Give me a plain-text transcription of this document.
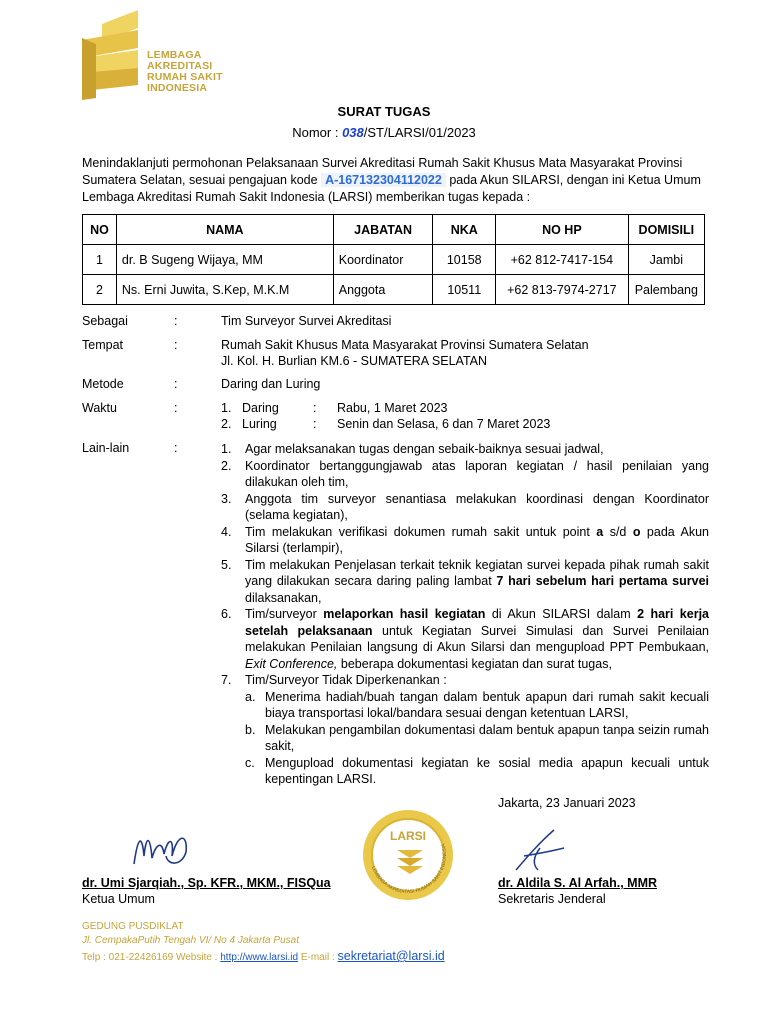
LEMBAGA
AKREDITASI
RUMAH SAKIT
INDONESIA
SURAT TUGAS
Nomor : 038/ST/LARSI/01/2023
Menindaklanjuti permohonan Pelaksanaan Survei Akreditasi Rumah Sakit Khusus Mata Masyarakat Provinsi Sumatera Selatan, sesuai pengajuan kode A-167132304112022 pada Akun SILARSI, dengan ini Ketua Umum Lembaga Akreditasi Rumah Sakit Indonesia (LARSI) memberikan tugas kepada :
NO	NAMA	JABATAN	NKA	NO HP	DOMISILI
1	dr. B Sugeng Wijaya, MM	Koordinator	10158	+62 812-7417-154	Jambi
2	Ns. Erni Juwita, S.Kep, M.K.M	Anggota	10511	+62 813-7974-2717	Palembang
Sebagai	:	Tim Surveyor Survei Akreditasi
Tempat	:	Rumah Sakit Khusus Mata Masyarakat Provinsi Sumatera Selatan
Jl. Kol. H. Burlian KM.6 - SUMATERA SELATAN
Metode	:	Daring dan Luring
Waktu	:	1. Daring	: Rabu, 1 Maret 2023
2. Luring	: Senin dan Selasa, 6 dan 7 Maret 2023
Lain-lain	:	1.	Agar melaksanakan tugas dengan sebaik-baiknya sesuai jadwal,
2.	Koordinator bertanggungjawab atas laporan kegiatan / hasil penilaian yang dilakukan oleh tim,
3.	Anggota tim surveyor senantiasa melakukan koordinasi dengan Koordinator (selama kegiatan),
4.	Tim melakukan verifikasi dokumen rumah sakit untuk point a s/d o pada Akun Silarsi (terlampir),
5.	Tim melakukan Penjelasan terkait teknik kegiatan survei kepada pihak rumah sakit yang dilakukan secara daring paling lambat 7 hari sebelum hari pertama survei dilaksanakan,
6.	Tim/surveyor melaporkan hasil kegiatan di Akun SILARSI dalam 2 hari kerja setelah pelaksanaan untuk Kegiatan Survei Simulasi dan Survei Penilaian melakukan Penilaian langsung di Akun Silarsi dan mengupload PPT Pembukaan, Exit Conference, beberapa dokumentasi kegiatan dan surat tugas,
7.	Tim/Surveyor Tidak Diperkenankan :
a. Menerima hadiah/buah tangan dalam bentuk apapun dari rumah sakit kecuali biaya transportasi lokal/bandara sesuai dengan ketentuan LARSI,
b. Melakukan pengambilan dokumentasi dalam bentuk apapun tanpa seizin rumah sakit,
c. Mengupload dokumentasi kegiatan ke sosial media apapun kecuali untuk kepentingan LARSI.
Jakarta, 23 Januari 2023
LARSI
LEMBAGA AKREDITASI RUMAH SAKIT INDONESIA
dr. Umi Sjarqiah., Sp. KFR., MKM., FISQua
Ketua Umum
dr. Aldila S. Al Arfah., MMR
Sekretaris Jenderal
GEDUNG PUSDIKLAT
Jl. CempakaPutih Tengah VI/ No 4 Jakarta Pusat
Telp : 021-22426169 Website : http://www.larsi.id E-mail : sekretariat@larsi.id
